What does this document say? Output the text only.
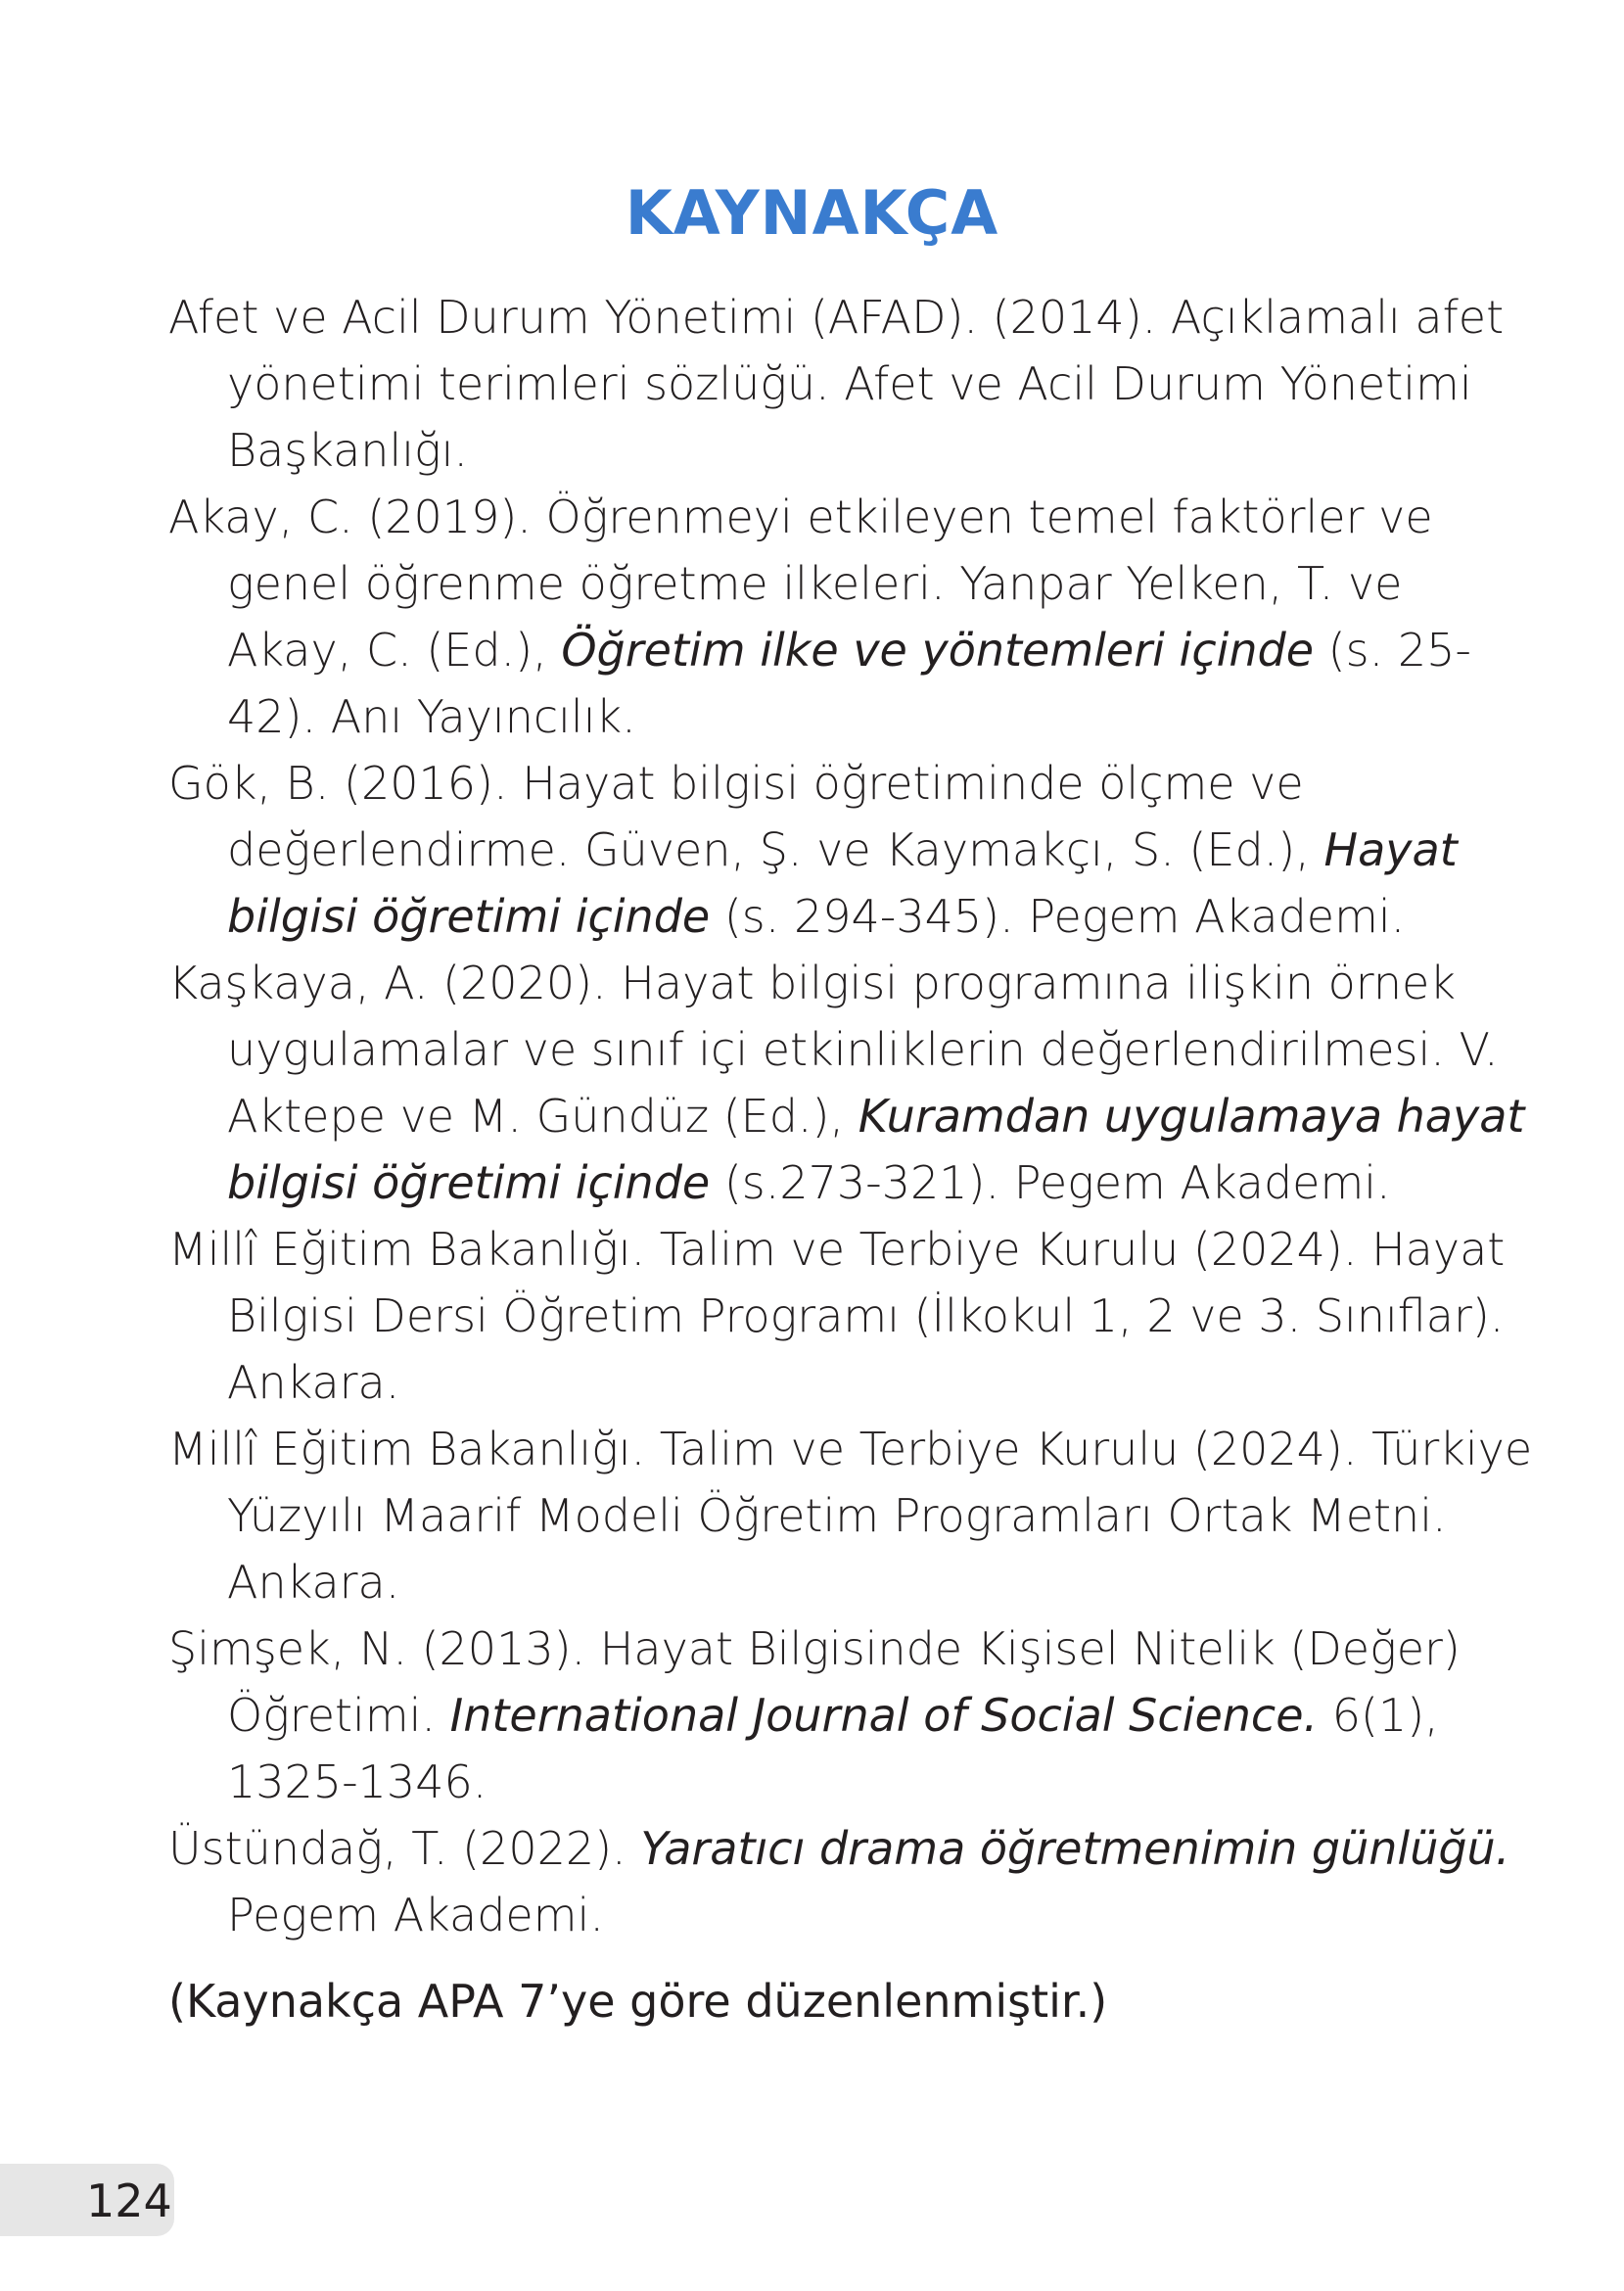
KAYNAKÇA
Afet ve Acil Durum Yönetimi (AFAD). (2014). Açıklamalı afet yönetimi terimleri sözlüğü. Afet ve Acil Durum Yönetimi Başkanlığı.
Akay, C. (2019). Öğrenmeyi etkileyen temel faktörler ve genel öğrenme öğretme ilkeleri. Yanpar Yelken, T. ve Akay, C. (Ed.), Öğretim ilke ve yöntemleri içinde (s. 25-42). Anı Yayıncılık.
Gök, B. (2016). Hayat bilgisi öğretiminde ölçme ve değerlendirme. Güven, Ş. ve Kaymakçı, S. (Ed.), Hayat bilgisi öğretimi içinde (s. 294-345). Pegem Akademi.
Kaşkaya, A. (2020). Hayat bilgisi programına ilişkin örnek uygulamalar ve sınıf içi etkinliklerin değerlendirilmesi. V. Aktepe ve M. Gündüz (Ed.), Kuramdan uygulamaya hayat bilgisi öğretimi içinde (s.273-321). Pegem Akademi.
Millî Eğitim Bakanlığı. Talim ve Terbiye Kurulu (2024). Hayat Bilgisi Dersi Öğretim Programı (İlkokul 1, 2 ve 3. Sınıflar). Ankara.
Millî Eğitim Bakanlığı. Talim ve Terbiye Kurulu (2024). Türkiye Yüzyılı Maarif Modeli Öğretim Programları Ortak Metni. Ankara.
Şimşek, N. (2013). Hayat Bilgisinde Kişisel Nitelik (Değer) Öğretimi. International Journal of Social Science. 6(1), 1325-1346.
Üstündağ, T. (2022). Yaratıcı drama öğretmenimin günlüğü. Pegem Akademi.

(Kaynakça APA 7’ye göre düzenlenmiştir.)

124
